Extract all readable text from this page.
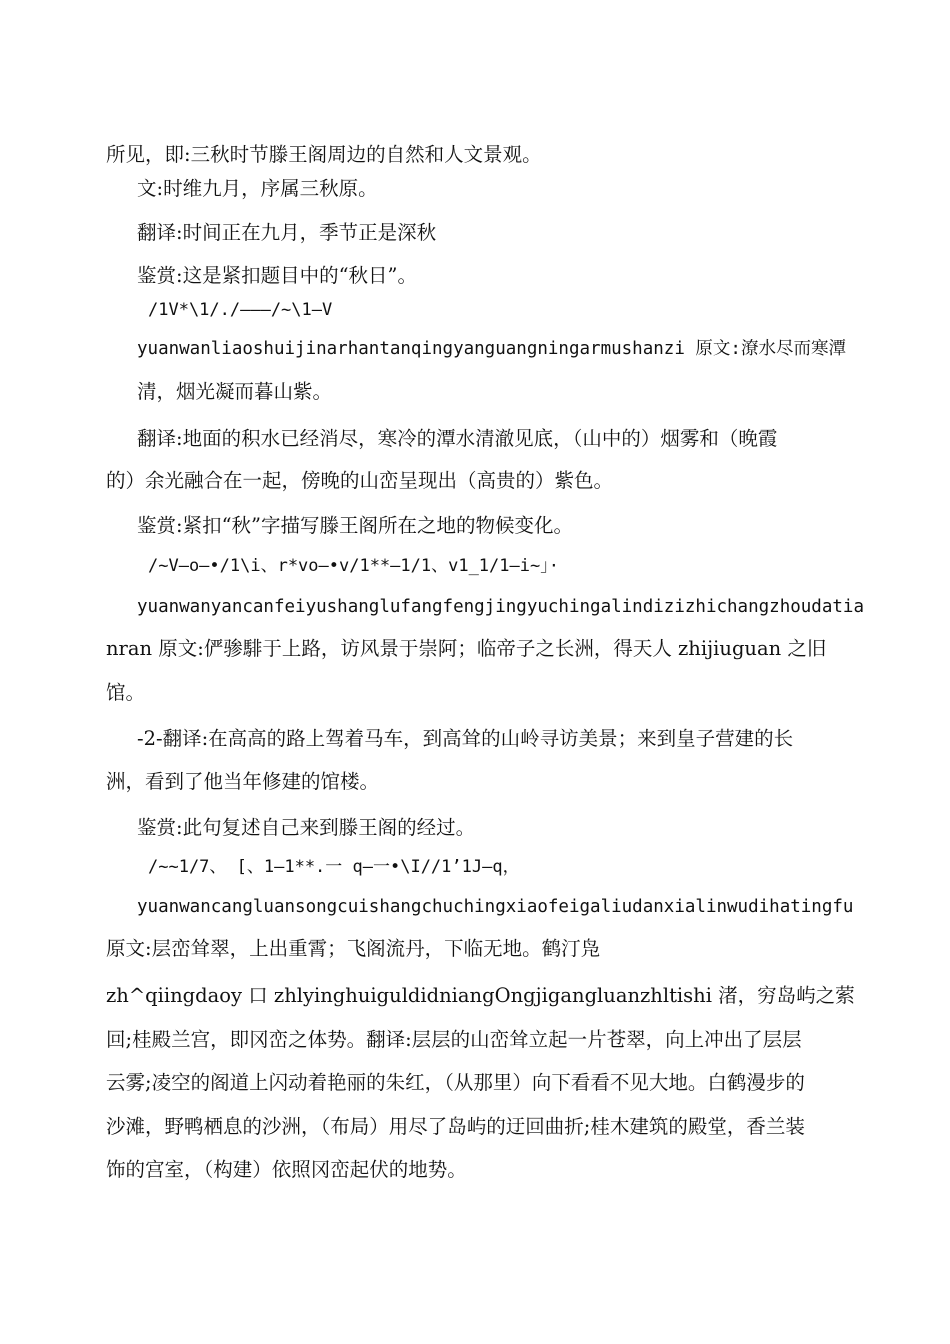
所见，即:三秋时节滕王阁周边的自然和人文景观。
文:时维九月，序属三秋原。
翻译:时间正在九月，季节正是深秋
鉴赏:这是紧扣题目中的“秋日”。
/1V*\1/./———/~\1—V
yuanwanliaoshuijinarhantanqingyanguangningarmushanzi 原文:潦水尽而寒潭
清，烟光凝而暮山紫。
翻译:地面的积水已经消尽，寒冷的潭水清澈见底，（山中的）烟雾和（晚霞
的）余光融合在一起，傍晚的山峦呈现出（高贵的）紫色。
鉴赏:紧扣“秋”字描写滕王阁所在之地的物候变化。
/~V—o—•/1\i、r*vo—•v/1**—1/1、v1_1/1—i~」·
yuanwanyancanfeiyushanglufangfengjingyuchingalindizizhichangzhoudatia
nran 原文:俨骖騑于上路，访风景于崇阿；临帝子之长洲，得天人 zhijiuguan 之旧
馆。
-2-翻译:在高高的路上驾着马车，到高耸的山岭寻访美景；来到皇子营建的长
洲，看到了他当年修建的馆楼。
鉴赏:此句复述自己来到滕王阁的经过。
/~~1/7、 [、1—1**.一 q—一•\I//1’1J—q，
yuanwancangluansongcuishangchuchingxiaofeigaliudanxialinwudihatingfu
原文:层峦耸翠，上出重霄；飞阁流丹，下临无地。鹤汀凫
zh^qiingdaoy 口 zhlyinghuiguldidniangOngjigangluanzhltishi 渚，穷岛屿之萦
回;桂殿兰宫，即冈峦之体势。翻译:层层的山峦耸立起一片苍翠，向上冲出了层层
云雾;凌空的阁道上闪动着艳丽的朱红，（从那里）向下看看不见大地。白鹤漫步的
沙滩，野鸭栖息的沙洲，（布局）用尽了岛屿的迂回曲折;桂木建筑的殿堂，香兰装
饰的宫室，（构建）依照冈峦起伏的地势。
